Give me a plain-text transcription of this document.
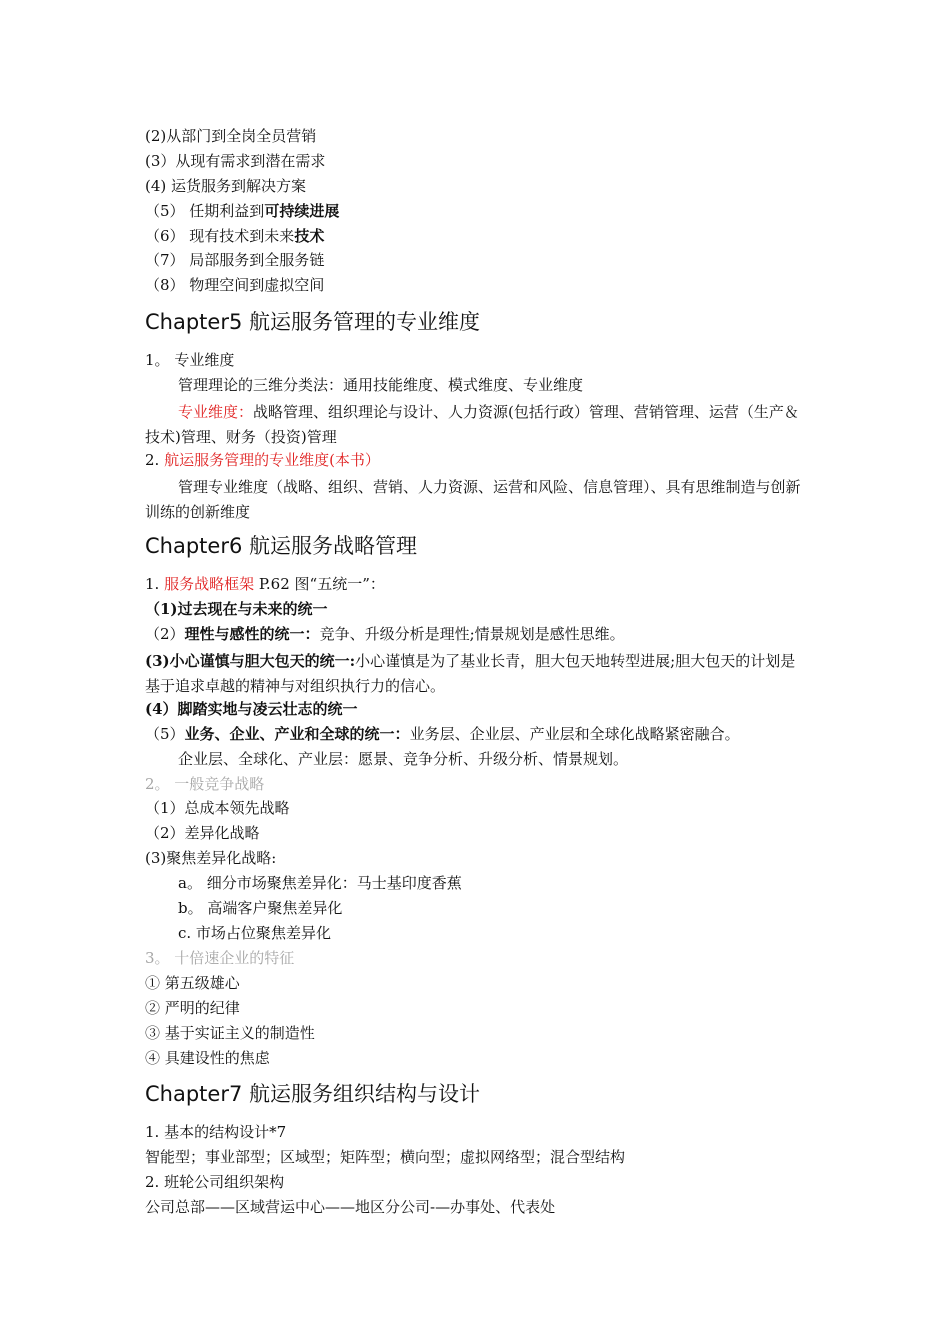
(2)从部门到全岗全员营销
(3）从现有需求到潜在需求
(4) 运货服务到解决方案
（5） 任期利益到可持续进展
（6） 现有技术到未来技术
（7） 局部服务到全服务链
（8） 物理空间到虚拟空间
Chapter5 航运服务管理的专业维度
1。 专业维度
管理理论的三维分类法：通用技能维度、模式维度、专业维度
专业维度：战略管理、组织理论与设计、人力资源(包括行政）管理、营销管理、运营（生产＆技术)管理、财务（投资)管理
2. 航运服务管理的专业维度(本书）
管理专业维度（战略、组织、营销、人力资源、运营和风险、信息管理）、具有思维制造与创新训练的创新维度
Chapter6 航运服务战略管理
1. 服务战略框架 P.62 图“五统一”：
（1)过去现在与未来的统一
（2）理性与感性的统一：竞争、升级分析是理性;情景规划是感性思维。
(3)小心谨慎与胆大包天的统一:小心谨慎是为了基业长青，胆大包天地转型进展;胆大包天的计划是基于追求卓越的精神与对组织执行力的信心。
(4）脚踏实地与凌云壮志的统一
（5）业务、企业、产业和全球的统一：业务层、企业层、产业层和全球化战略紧密融合。
企业层、全球化、产业层：愿景、竞争分析、升级分析、情景规划。
2。 一般竞争战略
（1）总成本领先战略
（2）差异化战略
(3)聚焦差异化战略:
a。 细分市场聚焦差异化：马士基印度香蕉
b。 高端客户聚焦差异化
c. 市场占位聚焦差异化
3。 十倍速企业的特征
① 第五级雄心
② 严明的纪律
③ 基于实证主义的制造性
④ 具建设性的焦虑
Chapter7 航运服务组织结构与设计
1. 基本的结构设计*7
智能型；事业部型；区域型；矩阵型；横向型；虚拟网络型；混合型结构
2. 班轮公司组织架构
公司总部——区域营运中心——地区分公司-—办事处、代表处
